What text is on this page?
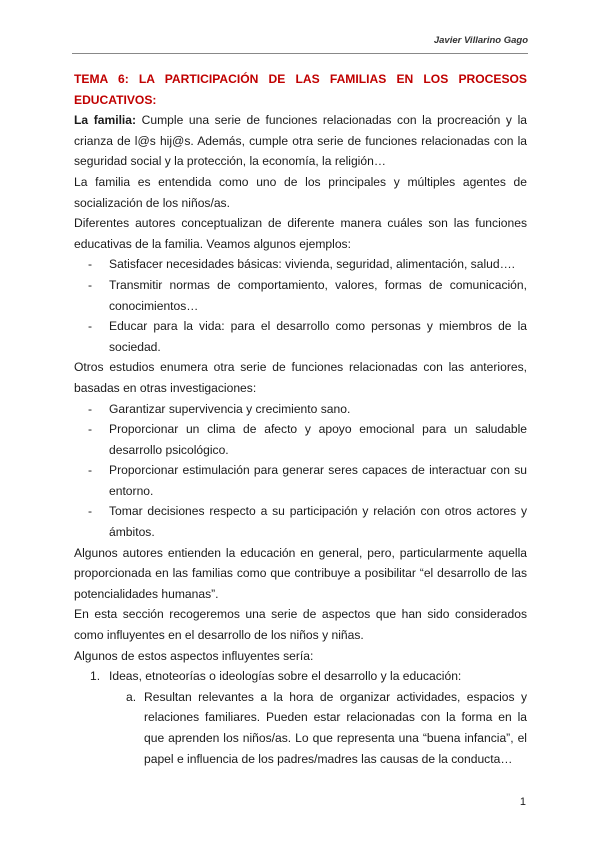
Javier Villarino Gago
TEMA 6: LA PARTICIPACIÓN DE LAS FAMILIAS EN LOS PROCESOS
EDUCATIVOS:

La familia: Cumple una serie de funciones relacionadas con la procreación y la crianza de l@s hij@s. Además, cumple otra serie de funciones relacionadas con la seguridad social y la protección, la economía, la religión…

La familia es entendida como uno de los principales y múltiples agentes de socialización de los niños/as.

Diferentes autores conceptualizan de diferente manera cuáles son las funciones educativas de la familia. Veamos algunos ejemplos:

- Satisfacer necesidades básicas: vivienda, seguridad, alimentación, salud….
- Transmitir normas de comportamiento, valores, formas de comunicación, conocimientos…
- Educar para la vida: para el desarrollo como personas y miembros de la sociedad.

Otros estudios enumera otra serie de funciones relacionadas con las anteriores, basadas en otras investigaciones:

- Garantizar supervivencia y crecimiento sano.
- Proporcionar un clima de afecto y apoyo emocional para un saludable desarrollo psicológico.
- Proporcionar estimulación para generar seres capaces de interactuar con su entorno.
- Tomar decisiones respecto a su participación y relación con otros actores y ámbitos.

Algunos autores entienden la educación en general, pero, particularmente aquella proporcionada en las familias como que contribuye a posibilitar “el desarrollo de las potencialidades humanas”.

En esta sección recogeremos una serie de aspectos que han sido considerados como influyentes en el desarrollo de los niños y niñas.

Algunos de estos aspectos influyentes sería:

1. Ideas, etnoteorías o ideologías sobre el desarrollo y la educación:
a. Resultan relevantes a la hora de organizar actividades, espacios y relaciones familiares. Pueden estar relacionadas con la forma en la que aprenden los niños/as. Lo que representa una “buena infancia”, el papel e influencia de los padres/madres las causas de la conducta…
1
